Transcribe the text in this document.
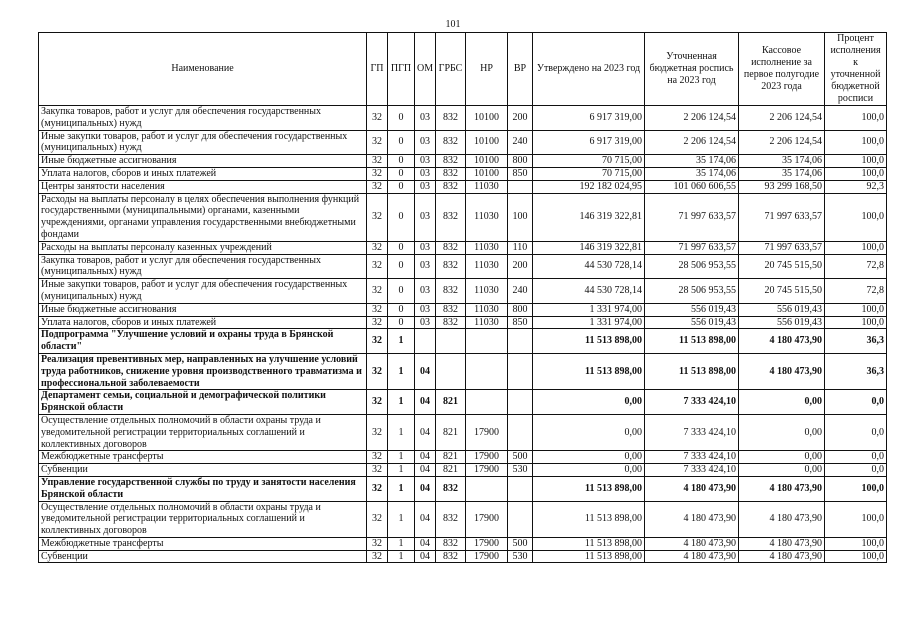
101
Наименование	ГП	ПГП	ОМ	ГРБС	НР	ВР	Утверждено на 2023 год	Уточненная бюджетная роспись на 2023 год	Кассовое исполнение за первое полугодие 2023 года	Процент исполнения к уточненной бюджетной росписи
Закупка товаров, работ и услуг для обеспечения государственных (муниципальных) нужд	32	0	03	832	10100	200	6 917 319,00	2 206 124,54	2 206 124,54	100,0
Иные закупки товаров, работ и услуг для обеспечения государственных (муниципальных) нужд	32	0	03	832	10100	240	6 917 319,00	2 206 124,54	2 206 124,54	100,0
Иные бюджетные ассигнования	32	0	03	832	10100	800	70 715,00	35 174,06	35 174,06	100,0
Уплата налогов, сборов и иных платежей	32	0	03	832	10100	850	70 715,00	35 174,06	35 174,06	100,0
Центры занятости населения	32	0	03	832	11030		192 182 024,95	101 060 606,55	93 299 168,50	92,3
Расходы на выплаты персоналу в целях обеспечения выполнения функций государственными (муниципальными) органами, казенными учреждениями, органами управления государственными внебюджетными фондами	32	0	03	832	11030	100	146 319 322,81	71 997 633,57	71 997 633,57	100,0
Расходы на выплаты персоналу казенных учреждений	32	0	03	832	11030	110	146 319 322,81	71 997 633,57	71 997 633,57	100,0
Закупка товаров, работ и услуг для обеспечения государственных (муниципальных) нужд	32	0	03	832	11030	200	44 530 728,14	28 506 953,55	20 745 515,50	72,8
Иные закупки товаров, работ и услуг для обеспечения государственных (муниципальных) нужд	32	0	03	832	11030	240	44 530 728,14	28 506 953,55	20 745 515,50	72,8
Иные бюджетные ассигнования	32	0	03	832	11030	800	1 331 974,00	556 019,43	556 019,43	100,0
Уплата налогов, сборов и иных платежей	32	0	03	832	11030	850	1 331 974,00	556 019,43	556 019,43	100,0
Подпрограмма "Улучшение условий и охраны труда в Брянской области"	32	1					11 513 898,00	11 513 898,00	4 180 473,90	36,3
Реализация превентивных мер, направленных на улучшение условий труда работников, снижение уровня производственного травматизма и профессиональной заболеваемости	32	1	04				11 513 898,00	11 513 898,00	4 180 473,90	36,3
Департамент семьи, социальной и демографической политики Брянской области	32	1	04	821			0,00	7 333 424,10	0,00	0,0
Осуществление отдельных полномочий в области охраны труда и уведомительной регистрации территориальных соглашений и коллективных договоров	32	1	04	821	17900		0,00	7 333 424,10	0,00	0,0
Межбюджетные трансферты	32	1	04	821	17900	500	0,00	7 333 424,10	0,00	0,0
Субвенции	32	1	04	821	17900	530	0,00	7 333 424,10	0,00	0,0
Управление государственной службы по труду и занятости населения Брянской области	32	1	04	832			11 513 898,00	4 180 473,90	4 180 473,90	100,0
Осуществление отдельных полномочий в области охраны труда и уведомительной регистрации территориальных соглашений и коллективных договоров	32	1	04	832	17900		11 513 898,00	4 180 473,90	4 180 473,90	100,0
Межбюджетные трансферты	32	1	04	832	17900	500	11 513 898,00	4 180 473,90	4 180 473,90	100,0
Субвенции	32	1	04	832	17900	530	11 513 898,00	4 180 473,90	4 180 473,90	100,0
